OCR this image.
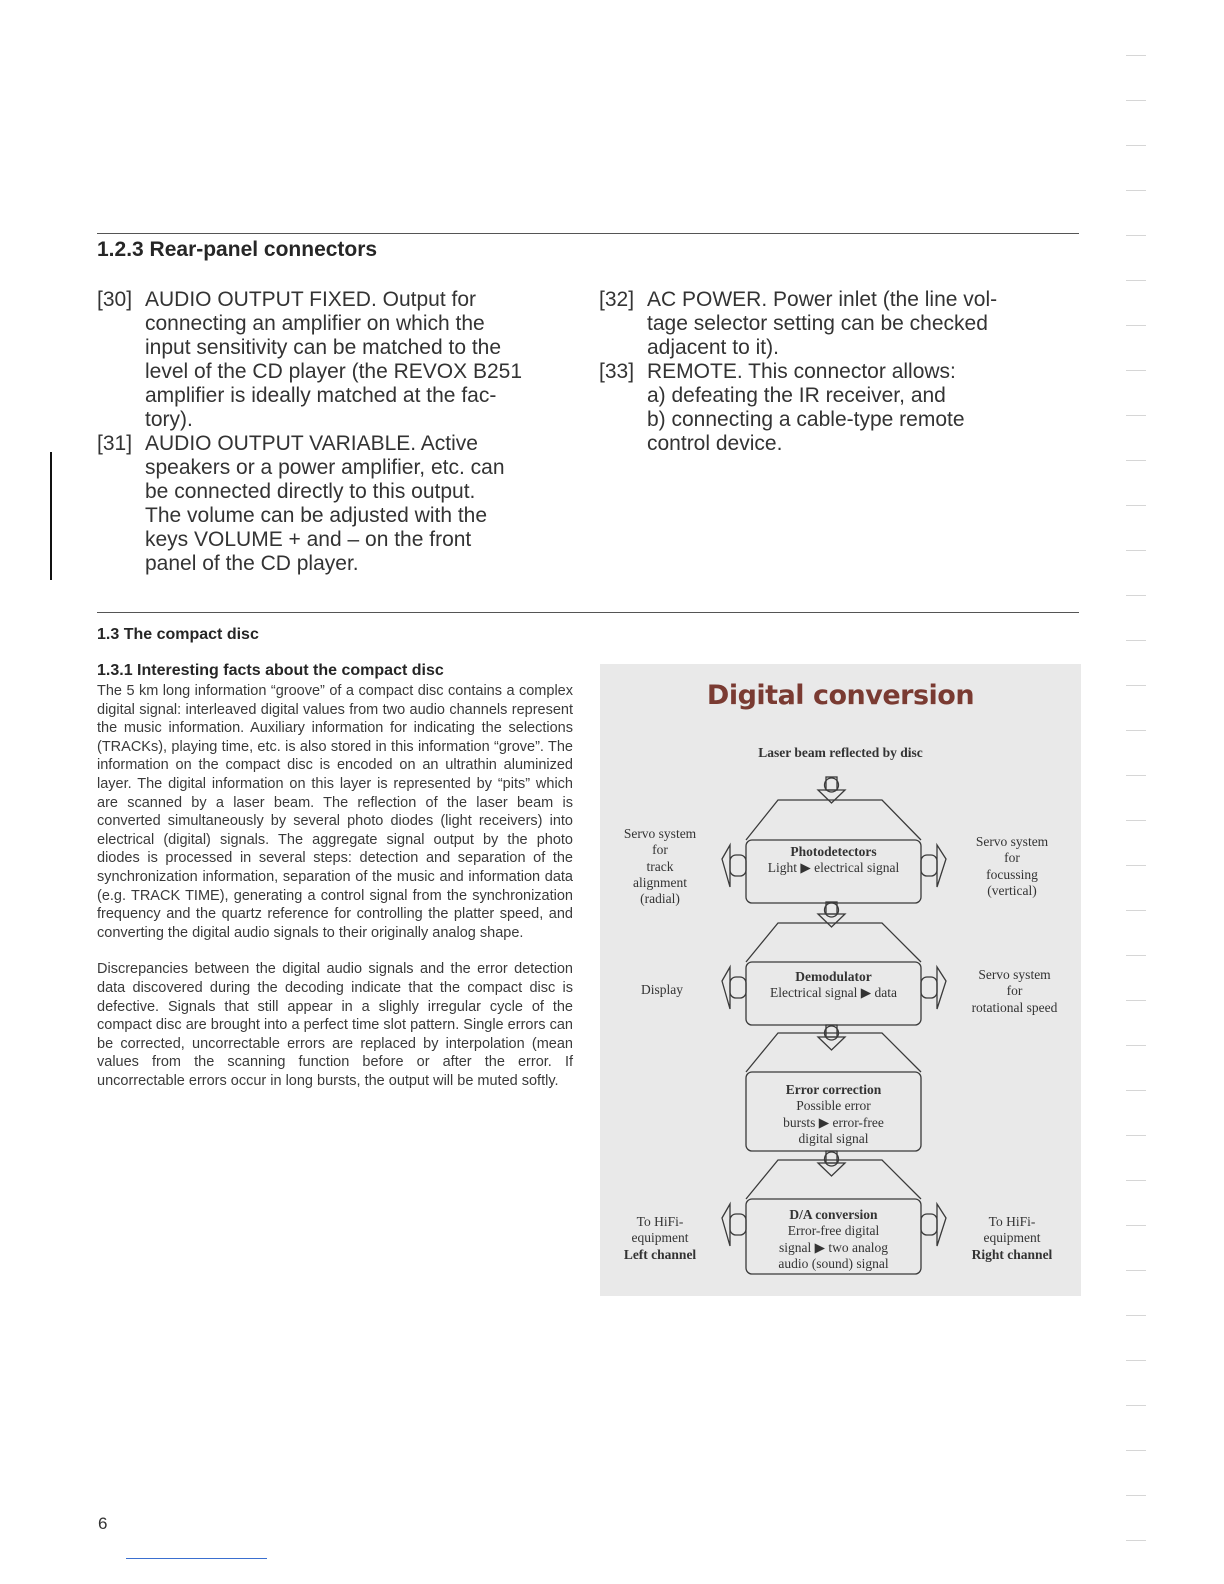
1.2.3 Rear-panel connectors
[30] AUDIO OUTPUT FIXED. Output for
connecting an amplifier on which the
input sensitivity can be matched to the
level of the CD player (the REVOX B251
amplifier is ideally matched at the fac-
tory).
[31] AUDIO OUTPUT VARIABLE. Active
speakers or a power amplifier, etc. can
be connected directly to this output.
The volume can be adjusted with the
keys VOLUME + and – on the front
panel of the CD player.
[32] AC POWER. Power inlet (the line vol-
tage selector setting can be checked
adjacent to it).
[33] REMOTE. This connector allows:
a) defeating the IR receiver, and
b) connecting a cable-type remote
control device.
1.3 The compact disc
1.3.1 Interesting facts about the compact disc

The 5 km long information “groove” of a compact disc contains a complex digital signal: interleaved digital values from two audio channels represent the music information. Auxiliary information for indicating the selections (TRACKs), playing time, etc. is also stored in this information “grove”. The information on the compact disc is encoded on an ultrathin aluminized layer. The digital information on this layer is represented by “pits” which are scanned by a laser beam. The reflection of the laser beam is converted simultaneously by several photo diodes (light receivers) into electrical (digital) signals. The aggregate signal output by the photo diodes is processed in several steps: detection and separation of the synchronization information, separation of the music and information data (e.g. TRACK TIME), generating a control signal from the synchronization frequency and the quartz reference for controlling the platter speed, and converting the digital audio signals to their originally analog shape.

Discrepancies between the digital audio signals and the error detection data discovered during the decoding indicate that the compact disc is defective. Signals that still appear in a slighly irregular cycle of the compact disc are brought into a perfect time slot pattern. Single errors can be corrected, uncorrectable errors are replaced by interpolation (mean values from the scanning function before or after the error. If uncorrectable errors occur in long bursts, the output will be muted softly.

Digital conversion
Laser beam reflected by disc
Photodetectors
Light ▶ electrical signal
Demodulator
Electrical signal ▶ data
Error correction
Possible error
bursts ▶ error-free
digital signal
D/A conversion
Error-free digital
signal ▶ two analog
audio (sound) signal
Servo system
for
track
alignment
(radial)
Servo system
for
focussing
(vertical)
Display
Servo system
for
rotational speed
To HiFi-
equipment
Left channel
To HiFi-
equipment
Right channel
6
